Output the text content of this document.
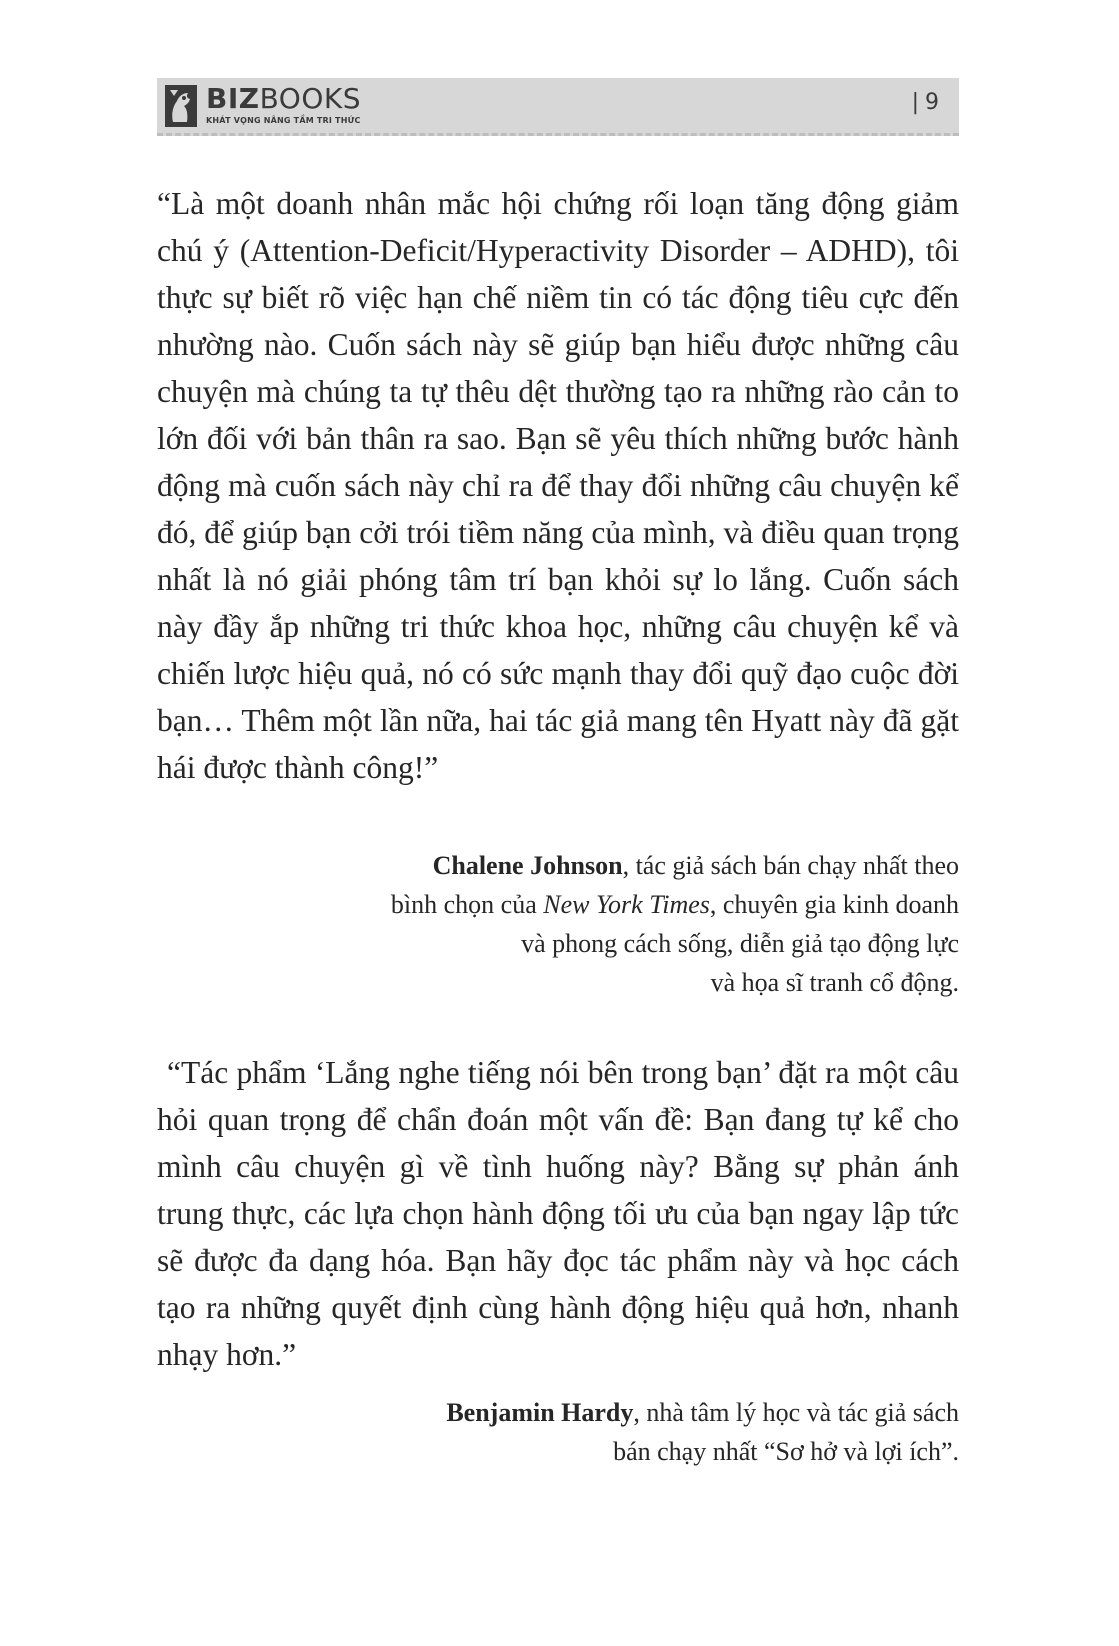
BIZBOOKS
KHÁT VỌNG NÂNG TẦM TRI THỨC
| 9

“Là một doanh nhân mắc hội chứng rối loạn tăng động giảm chú ý (Attention-Deficit/Hyperactivity Disorder – ADHD), tôi thực sự biết rõ việc hạn chế niềm tin có tác động tiêu cực đến nhường nào. Cuốn sách này sẽ giúp bạn hiểu được những câu chuyện mà chúng ta tự thêu dệt thường tạo ra những rào cản to lớn đối với bản thân ra sao. Bạn sẽ yêu thích những bước hành động mà cuốn sách này chỉ ra để thay đổi những câu chuyện kể đó, để giúp bạn cởi trói tiềm năng của mình, và điều quan trọng nhất là nó giải phóng tâm trí bạn khỏi sự lo lắng. Cuốn sách này đầy ắp những tri thức khoa học, những câu chuyện kể và chiến lược hiệu quả, nó có sức mạnh thay đổi quỹ đạo cuộc đời bạn… Thêm một lần nữa, hai tác giả mang tên Hyatt này đã gặt hái được thành công!”

Chalene Johnson, tác giả sách bán chạy nhất theo
bình chọn của New York Times, chuyên gia kinh doanh
và phong cách sống, diễn giả tạo động lực
và họa sĩ tranh cổ động.

“Tác phẩm ‘Lắng nghe tiếng nói bên trong bạn’ đặt ra một câu hỏi quan trọng để chẩn đoán một vấn đề: Bạn đang tự kể cho mình câu chuyện gì về tình huống này? Bằng sự phản ánh trung thực, các lựa chọn hành động tối ưu của bạn ngay lập tức sẽ được đa dạng hóa. Bạn hãy đọc tác phẩm này và học cách tạo ra những quyết định cùng hành động hiệu quả hơn, nhanh nhạy hơn.”

Benjamin Hardy, nhà tâm lý học và tác giả sách
bán chạy nhất “Sơ hở và lợi ích”.
